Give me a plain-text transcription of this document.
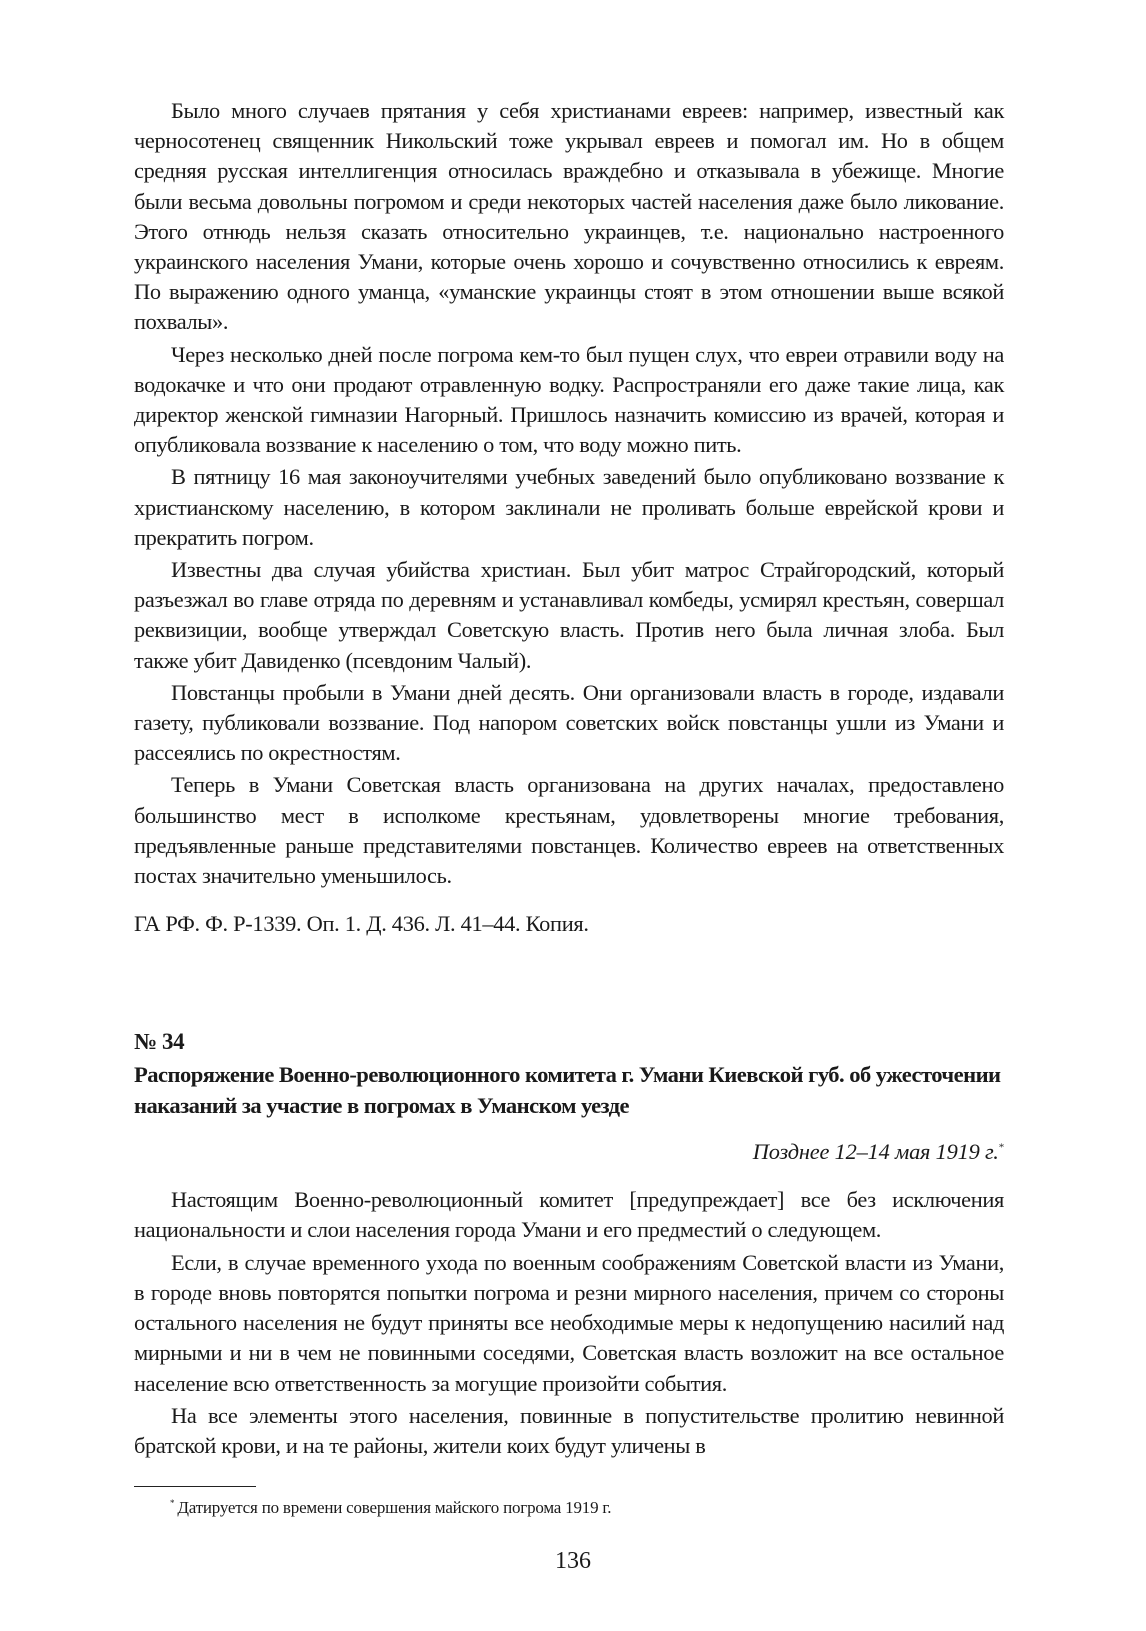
Было много случаев прятания у себя христианами евреев: например, известный как черносотенец священник Никольский тоже укрывал евреев и помогал им. Но в общем средняя русская интеллигенция относилась враждебно и отказывала в убежище. Многие были весьма довольны погромом и среди некоторых частей населения даже было ликование. Этого отнюдь нельзя сказать относительно украинцев, т.е. национально настроенного украинского населения Умани, которые очень хорошо и сочувственно относились к евреям. По выражению одного уманца, «уманские украинцы стоят в этом отношении выше всякой похвалы».

Через несколько дней после погрома кем-то был пущен слух, что евреи отравили воду на водокачке и что они продают отравленную водку. Распространяли его даже такие лица, как директор женской гимназии Нагорный. Пришлось назначить комиссию из врачей, которая и опубликовала воззвание к населению о том, что воду можно пить.

В пятницу 16 мая законоучителями учебных заведений было опубликовано воззвание к христианскому населению, в котором заклинали не проливать больше еврейской крови и прекратить погром.

Известны два случая убийства христиан. Был убит матрос Страйгородский, который разъезжал во главе отряда по деревням и устанавливал комбеды, усмирял крестьян, совершал реквизиции, вообще утверждал Советскую власть. Против него была личная злоба. Был также убит Давиденко (псевдоним Чалый).

Повстанцы пробыли в Умани дней десять. Они организовали власть в городе, издавали газету, публиковали воззвание. Под напором советских войск повстанцы ушли из Умани и рассеялись по окрестностям.

Теперь в Умани Советская власть организована на других началах, предоставлено большинство мест в исполкоме крестьянам, удовлетворены многие требования, предъявленные раньше представителями повстанцев. Количество евреев на ответственных постах значительно уменьшилось.

ГА РФ. Ф. Р-1339. Оп. 1. Д. 436. Л. 41–44. Копия.

№ 34

Распоряжение Военно-революционного комитета г. Умани Киевской губ. об ужесточении наказаний за участие в погромах в Уманском уезде

Позднее 12–14 мая 1919 г.*

Настоящим Военно-революционный комитет [предупреждает] все без исключения национальности и слои населения города Умани и его предместий о следующем.

Если, в случае временного ухода по военным соображениям Советской власти из Умани, в городе вновь повторятся попытки погрома и резни мирного населения, причем со стороны остального населения не будут приняты все необходимые меры к недопущению насилий над мирными и ни в чем не повинными соседями, Советская власть возложит на все остальное население всю ответственность за могущие произойти события.

На все элементы этого населения, повинные в попустительстве пролитию невинной братской крови, и на те районы, жители коих будут уличены в

* Датируется по времени совершения майского погрома 1919 г.
136
